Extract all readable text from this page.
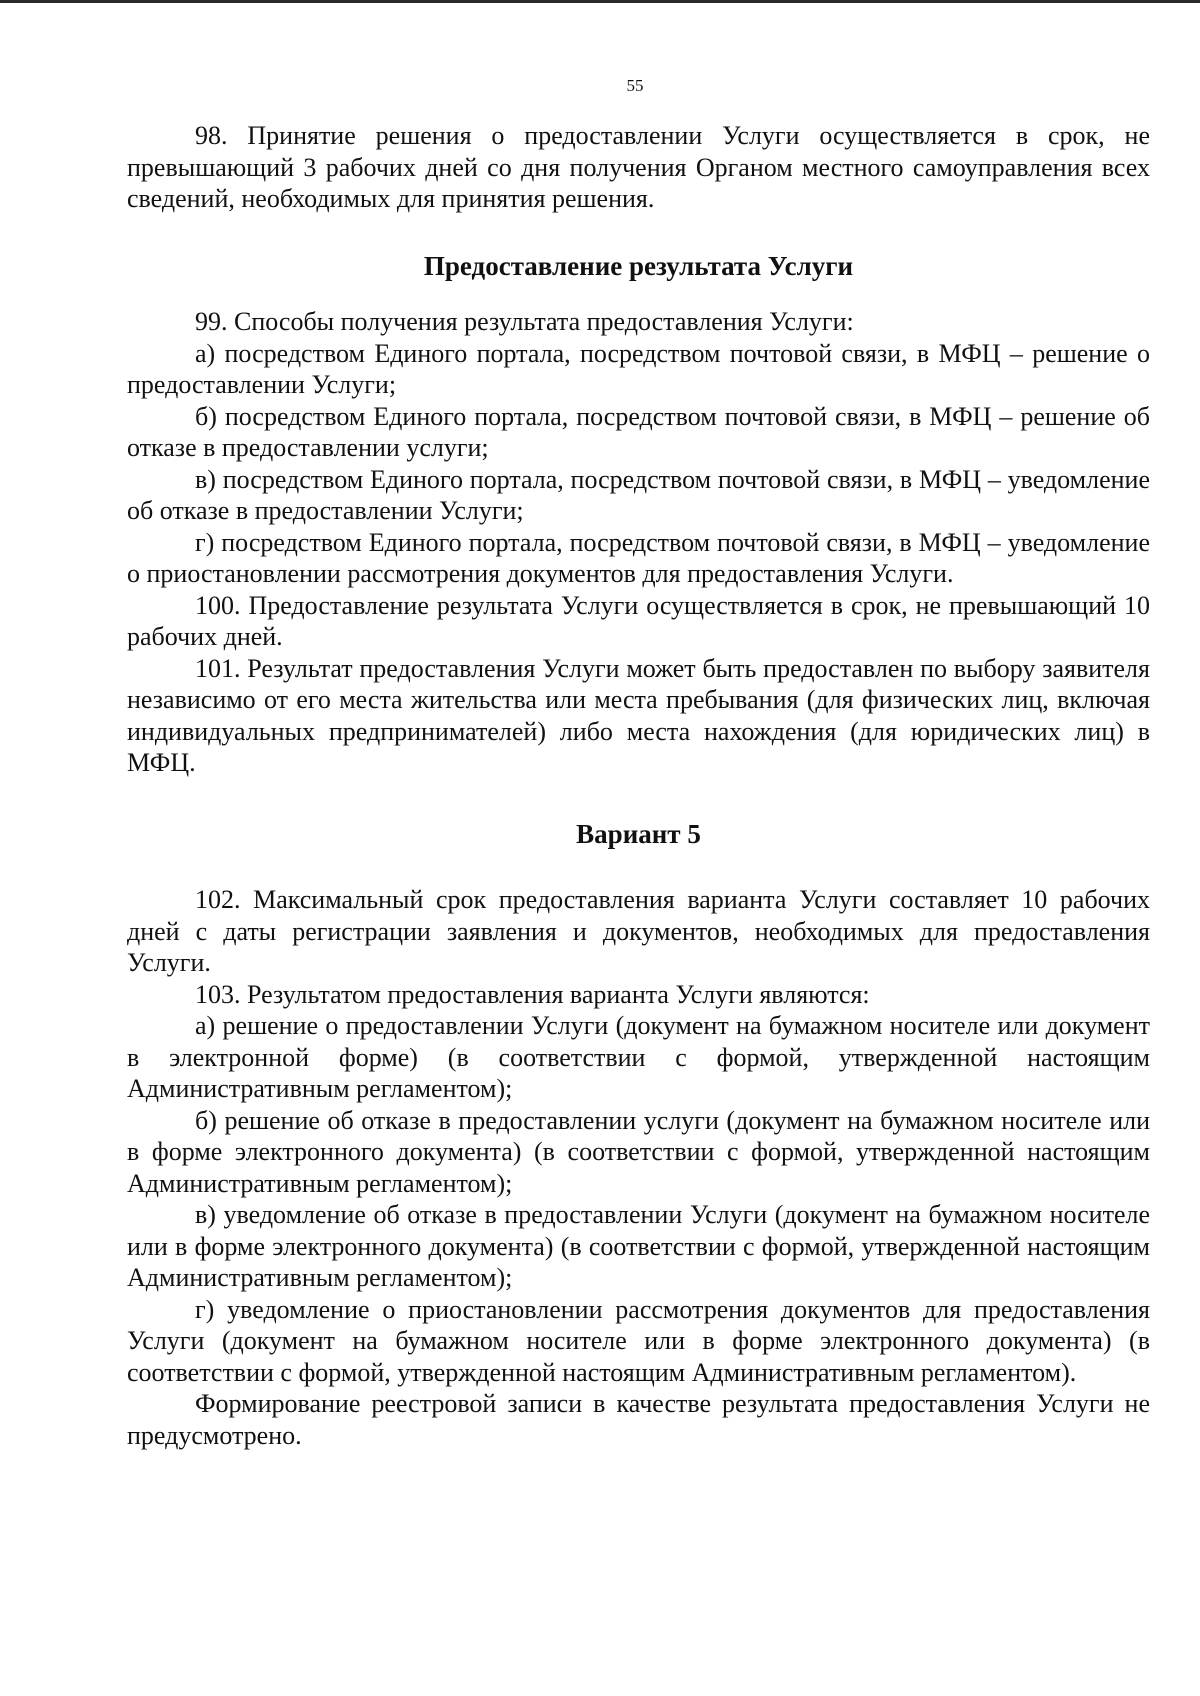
55

98. Принятие решения о предоставлении Услуги осуществляется в срок, не превышающий 3 рабочих дней со дня получения Органом местного самоуправления всех сведений, необходимых для принятия решения.

Предоставление результата Услуги

99. Способы получения результата предоставления Услуги:

а) посредством Единого портала, посредством почтовой связи, в МФЦ – решение о предоставлении Услуги;

б) посредством Единого портала, посредством почтовой связи, в МФЦ – решение об отказе в предоставлении услуги;

в) посредством Единого портала, посредством почтовой связи, в МФЦ – уведомление об отказе в предоставлении Услуги;

г) посредством Единого портала, посредством почтовой связи, в МФЦ – уведомление о приостановлении рассмотрения документов для предоставления Услуги.

100. Предоставление результата Услуги осуществляется в срок, не превышающий 10 рабочих дней.

101. Результат предоставления Услуги может быть предоставлен по выбору заявителя независимо от его места жительства или места пребывания (для физических лиц, включая индивидуальных предпринимателей) либо места нахождения (для юридических лиц) в МФЦ.

Вариант 5

102. Максимальный срок предоставления варианта Услуги составляет 10 рабочих дней с даты регистрации заявления и документов, необходимых для предоставления Услуги.

103. Результатом предоставления варианта Услуги являются:

а) решение о предоставлении Услуги (документ на бумажном носителе или документ в электронной форме) (в соответствии с формой, утвержденной настоящим Административным регламентом);

б) решение об отказе в предоставлении услуги (документ на бумажном носителе или в форме электронного документа) (в соответствии с формой, утвержденной настоящим Административным регламентом);

в) уведомление об отказе в предоставлении Услуги (документ на бумажном носителе или в форме электронного документа) (в соответствии с формой, утвержденной настоящим Административным регламентом);

г) уведомление о приостановлении рассмотрения документов для предоставления Услуги (документ на бумажном носителе или в форме электронного документа) (в соответствии с формой, утвержденной настоящим Административным регламентом).

Формирование реестровой записи в качестве результата предоставления Услуги не предусмотрено.
